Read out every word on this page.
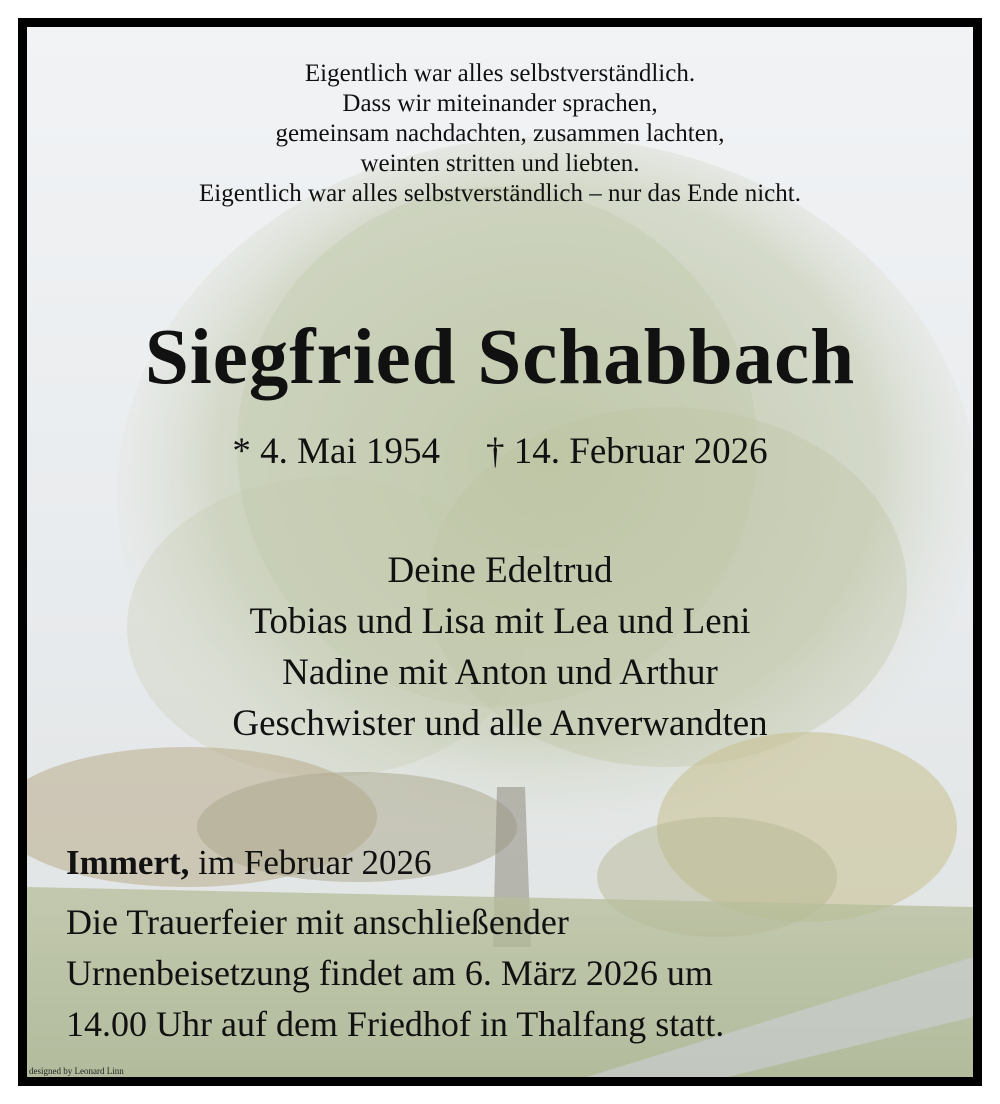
Eigentlich war alles selbstverständlich.
Dass wir miteinander sprachen,
gemeinsam nachdachten, zusammen lachten,
weinten stritten und liebten.
Eigentlich war alles selbstverständlich – nur das Ende nicht.
Siegfried Schabbach
* 4. Mai 1954 † 14. Februar 2026
Deine Edeltrud
Tobias und Lisa mit Lea und Leni
Nadine mit Anton und Arthur
Geschwister und alle Anverwandten
Immert, im Februar 2026
Die Trauerfeier mit anschließender
Urnenbeisetzung findet am 6. März 2026 um
14.00 Uhr auf dem Friedhof in Thalfang statt.
designed by Leonard Linn
